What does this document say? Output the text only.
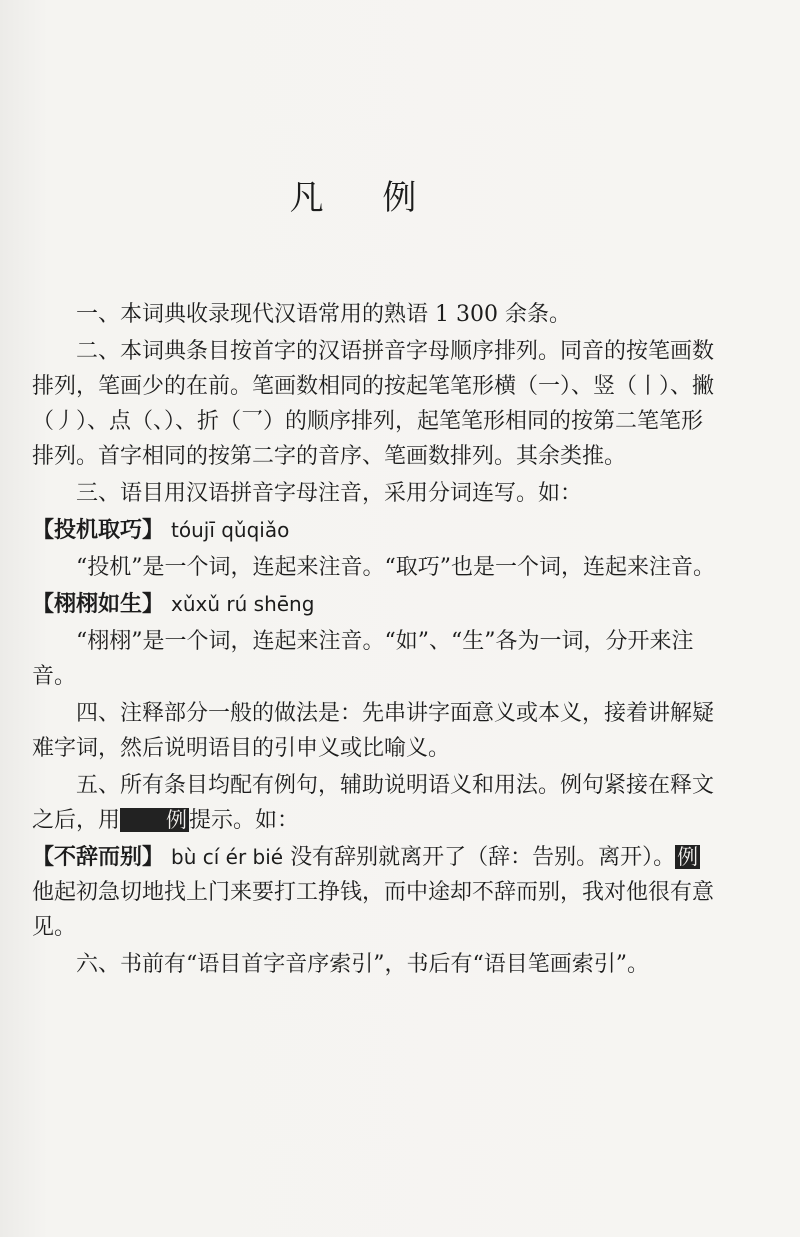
凡 例

一、本词典收录现代汉语常用的熟语 1 300 余条。

二、本词典条目按首字的汉语拼音字母顺序排列。同音的按笔画数排列，笔画少的在前。笔画数相同的按起笔笔形横（一）、竖（丨）、撇（丿）、点（、）、折（乛）的顺序排列，起笔笔形相同的按第二笔笔形排列。首字相同的按第二字的音序、笔画数排列。其余类推。

三、语目用汉语拼音字母注音，采用分词连写。如：

【投机取巧】 tóujī qǔqiǎo

“投机”是一个词，连起来注音。“取巧”也是一个词，连起来注音。

【栩栩如生】 xǔxǔ rú shēng

“栩栩”是一个词，连起来注音。“如”、“生”各为一词，分开来注音。

四、注释部分一般的做法是：先串讲字面意义或本义，接着讲解疑难字词，然后说明语目的引申义或比喻义。

五、所有条目均配有例句，辅助说明语义和用法。例句紧接在释文之后，用 例提示。如：

【不辞而别】 bù cí ér bié 没有辞别就离开了（辞：告别。离开）。例他起初急切地找上门来要打工挣钱，而中途却不辞而别，我对他很有意见。

六、书前有“语目首字音序索引”，书后有“语目笔画索引”。
